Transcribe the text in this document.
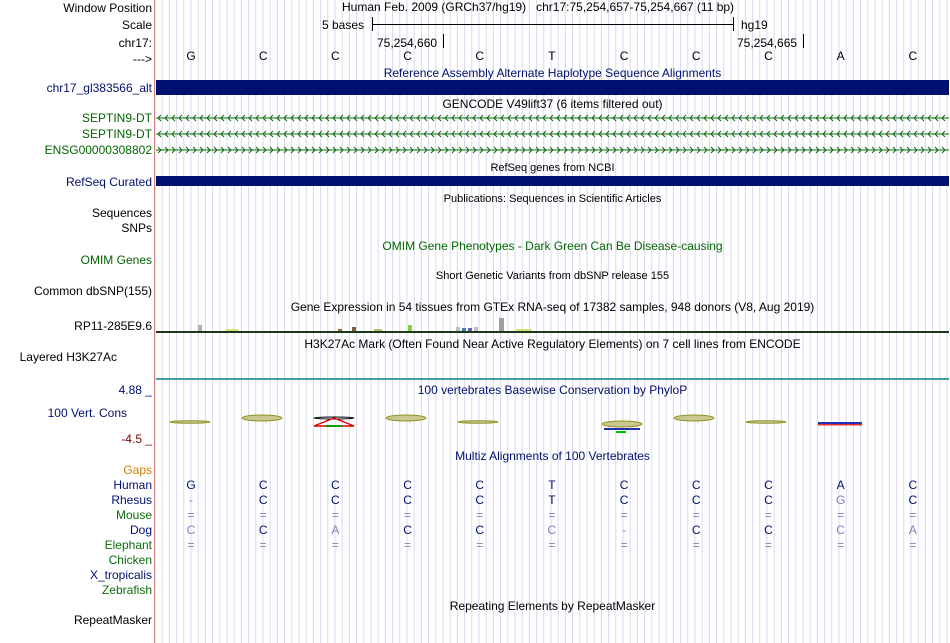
Window Position
Scale
chr17:
--->
Human Feb. 2009 (GRCh37/hg19) chr17:75,254,657-75,254,667 (11 bp)
5 bases	hg19
75,254,660	75,254,665
G	C	C	C	C	T	C	C	C	A	C
Reference Assembly Alternate Haplotype Sequence Alignments
chr17_gl383566_alt
GENCODE V49lift37 (6 items filtered out)
SEPTIN9-DT
SEPTIN9-DT
ENSG00000308802
RefSeq genes from NCBI
RefSeq Curated
Publications: Sequences in Scientific Articles
Sequences
SNPs
OMIM Gene Phenotypes - Dark Green Can Be Disease-causing
OMIM Genes
Short Genetic Variants from dbSNP release 155
Common dbSNP(155)
Gene Expression in 54 tissues from GTEx RNA-seq of 17382 samples, 948 donors (V8, Aug 2019)
RP11-285E9.6
H3K27Ac Mark (Often Found Near Active Regulatory Elements) on 7 cell lines from ENCODE
Layered H3K27Ac
100 vertebrates Basewise Conservation by PhyloP
4.88 _
100 Vert. Cons
-4.5 _
Multiz Alignments of 100 Vertebrates
Gaps
Human	G	C	C	C	C	T	C	C	C	A	C
Rhesus	-	C	C	C	C	T	C	C	C	G	C
Mouse	=	=	=	=	=	=	=	=	=	=	=
Dog	C	C	A	C	C	C	-	C	C	C	A
Elephant	=	=	=	=	=	=	=	=	=	=	=
Chicken
X_tropicalis
Zebrafish
Repeating Elements by RepeatMasker
RepeatMasker
